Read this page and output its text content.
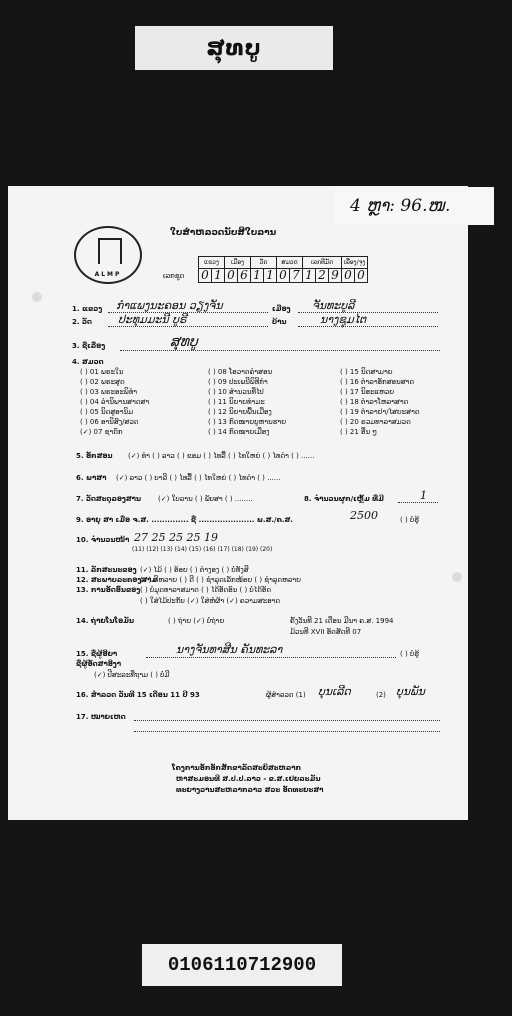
ສຸທບູ
4 ຫຼາ: 96.ໜ.
ALMP
ໃບສຳຫລວດນັບສິໃບລານ
ເລກຊຸດ
ແຂວງ		ເມືອງ		ວັດ		ສມວດ		ເລກທີມັດ			ເລື່ອງ/ຈຸງ	
0	1	0	6	1	1	0	7	1	2	9	0	0
1. ແຂວງ ກຳແພງນະຄອນ ວຽງຈັນ	ເມືອງ ຈັນທະບູລີ
2. ວັດ ປະທຸມມະນີ ບູຣີ	ບ້ານ	ນາງຊຸມໄຕ
3. ຊື່ເລື່ອງ	ສຸທບູ
4. ສມວດ
( ) 01 ພຣະໃນ
( ) 02 ພຣະສູດ
( ) 03 ພຣະອະພິທຳ
( ) 04 ລຳນິພານສາດສາ
( ) 05 ນິດສູອານິມ
( ) 06 ອານິສົງ/ສວດ
(✓) 07 ຊາດົກ
( ) 08 ໂອວາດຄຳສອນ
( ) 09 ປະເພນີພິທີກຳ
( ) 10 ສຳນວນທີ່ໄປ
( ) 11 ນິຍາຍທຳມະ
( ) 12 ນິຍາຍພື້ນເມືອງ
( ) 13 ກົດໝາຍບູຫານຮາຍ
( ) 14 ກົດໝາຍເມືອງ
( ) 15 ນິດສາມາຍ
( ) 16 ຕຳລາອັກສອນສາດ
( ) 17 ນິອະແຫວຍ
( ) 18 ຕຳລາໂຫລາສາດ
( ) 19 ຕຳລາຢາ/ໄສຍະສາດ
( ) 20 ຣວມທາລາສມວດ
( ) 21 ອື່ນ ໆ
5. ອັກສອນ (✓) ທຳ ( ) ລາວ ( ) ຂອມ ( ) ໄທລື້ ( ) ໄທໃຫຍ່ ( ) ໄທດຳ ( ) ......
6. ພາສາ (✓) ລາວ ( ) ບາລີ ( ) ໄທລື້ ( ) ໄທໃຫຍ່ ( ) ໄທດຳ ( ) ......
7. ວັດສະດຸລອງສານ (✓) ໃບລານ ( ) ພັບສາ ( ) ........	8. ຈຳນວນຜູກ/ເຫຼັ້ມ ທີ່ມີ	1
9. ອາຍຸ ສາ ເມື່ອ ຈ.ສ. .............. ຊື່ ..................... ພ.ສ./ຄ.ສ.	2500	( ) ບໍ່ຮູ້
10. ຈຳນວນໜ້າ 27 25 25 25 19
(11) (12) (13) (14) (15) (16) (17) (18) (19) (20)
11. ລັກສະນະຂອງ (✓) ໄມ້ ( ) ອ້ອຍ ( ) ຕຳງອງ ( ) ບໍ່ທັງສິ
12. ສະພາບລະຄອງສາມ
(✓) ດີຫລາຍ ( ) ດີ ( ) ຊຳລຸດເລັກໜ້ອຍ ( ) ຊຳລຸດຫລາຍ
13. ການອັດອົນຂອງ ( ) ບໍ່ມຸດທາລາສມາດ ( ) ໄດ້ອັດອົນ ( ) ບໍ່ໄດ້ອັດ
( ) ໃສ່ໄມ້ປະກັບ (✓) ໃສ່ຫໍ່ຜ້າ (✓) ຄວາມສະອາດ
14. ຖ່າຍໂນໂອມັນ	( ) ຖ່າຍ (✓) ບໍ່ຖ່າຍ	ຄັ້ງວັນທີ 21 ເດືອນ ມີນາ ຄ.ສ. 1994
ມ້ວນທີ XVII ອັດສັດທີ 07
15. ຊື່ຜູ້ອີຍາ
ຊື່ຜູ້ອັດສາອີງາ
ນາງຈັນທາສີນ ຄັນທະລາ	( ) ບໍ່ຮູ້
(✓) ປີສະລະທີ່ຖາມ ( ) ບໍ່ມີ
16. ສຳລວດ ວັນທີ 15 ເດືອນ 11 ປີ 93	ຜູ້ສຳລວດ (1) ບຸນເລີດ	(2) ບຸນພັນ
17. ໝາຍເຫດ
ໂຄງການອັກອັກສັກຂາລັດສະຍິສະຫລາກ
ຫາສະມອນທີ ສ.ປ.ປ.ລາວ - ຂ.ສ.ເຢຍລະມັນ
ທະຍາງວານສະຫລາກລາວ ສວະ ອັດທະຍະສາ
0106110712900
